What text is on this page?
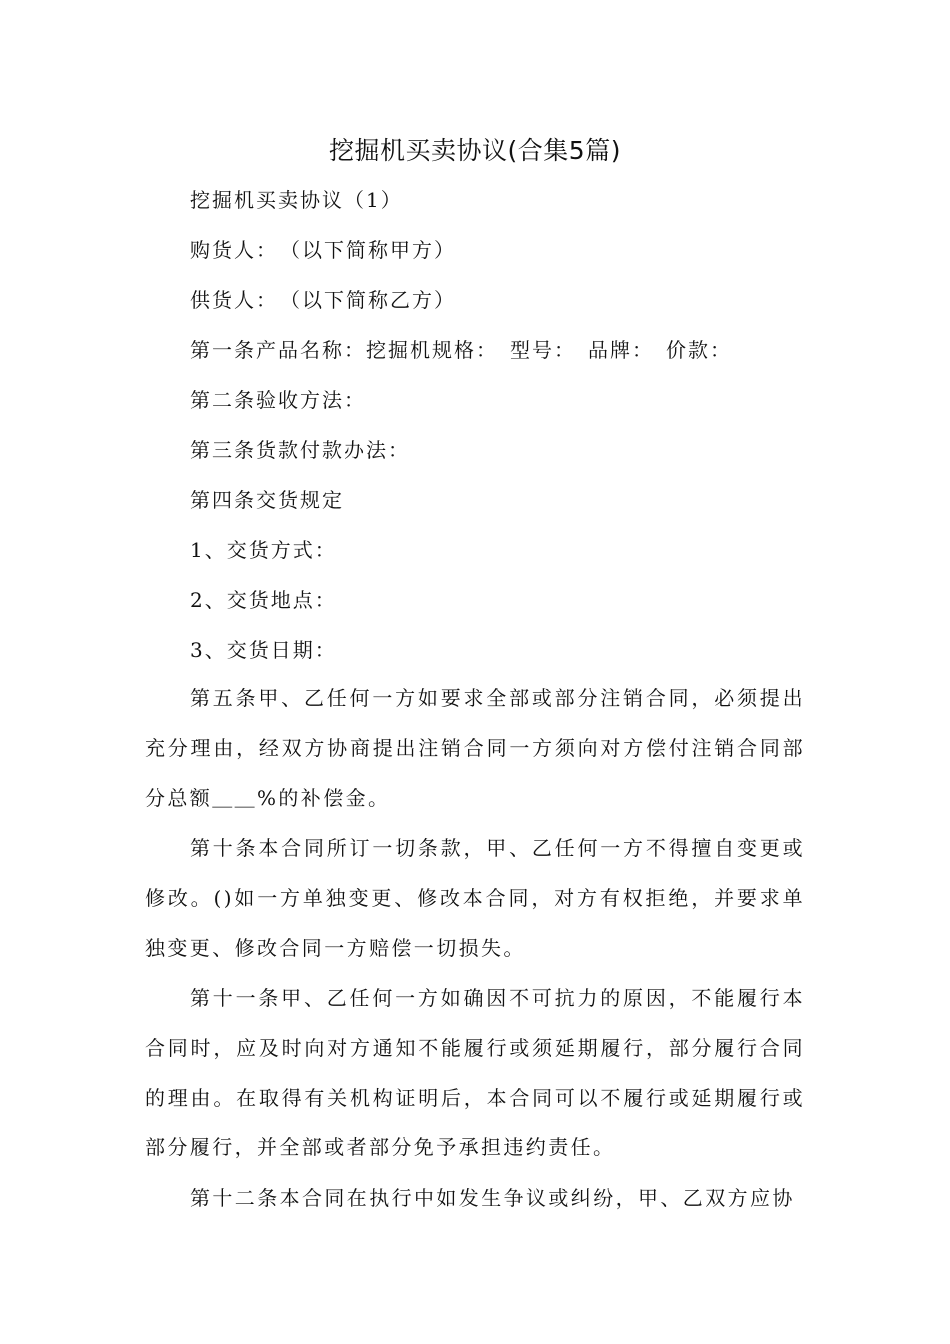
挖掘机买卖协议(合集5篇)
挖掘机买卖协议（1）
购货人：　（以下简称甲方）
供货人：　（以下简称乙方）
第一条产品名称：挖掘机规格：　型号：　品牌：　价款：
第二条验收方法：
第三条货款付款办法：
第四条交货规定
1、交货方式：
2、交货地点：
3、交货日期：

第五条甲、乙任何一方如要求全部或部分注销合同，必须提出充分理由，经双方协商提出注销合同一方须向对方偿付注销合同部分总额＿＿%的补偿金。

第十条本合同所订一切条款，甲、乙任何一方不得擅自变更或修改。()如一方单独变更、修改本合同，对方有权拒绝，并要求单独变更、修改合同一方赔偿一切损失。

第十一条甲、乙任何一方如确因不可抗力的原因，不能履行本合同时，应及时向对方通知不能履行或须延期履行，部分履行合同的理由。在取得有关机构证明后，本合同可以不履行或延期履行或部分履行，并全部或者部分免予承担违约责任。

第十二条本合同在执行中如发生争议或纠纷，甲、乙双方应协
